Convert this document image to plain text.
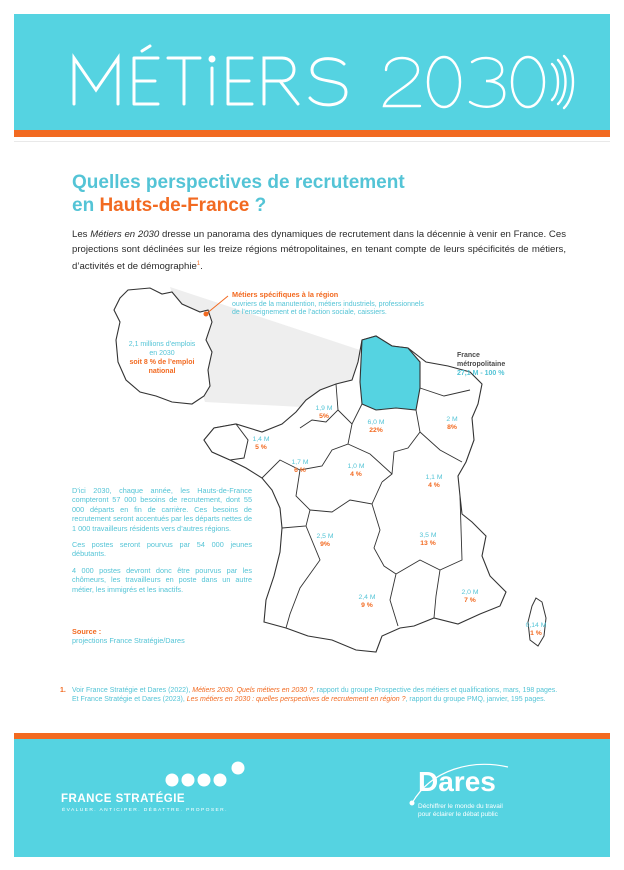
Janvier 2023
Quelles perspectives de recrutement
en Hauts-de-France ?
Les Métiers en 2030 dresse un panorama des dynamiques de recrutement dans la décennie à venir en France. Ces projections sont déclinées sur les treize régions métropolitaines, en tenant compte de leurs spécificités de métiers, d’activités et de démographie$^1$.
Métiers spécifiques à la région
ouvriers de la manutention, métiers industriels, professionnels
de l’enseignement et de l’action sociale, caissiers.
2,1 millions d’emplois
en 2030
soit 8 % de l’emploi
national
France
métropolitaine
27,1 M - 100 %
1,9 M
5%
6,0 M
22%
2 M
8%
1,4 M
5 %
1,7 M
6 %
1,0 M
4 %	1,1 M
4 %
2,5 M
9%
3,5 M
13 %
2,4 M
9 %
2,0 M
7 %
0,14 M
1 %

D’ici 2030, chaque année, les Hauts-de-France compteront 57 000 besoins de recrutement, dont 55 000 départs en fin de carrière. Ces besoins de recrutement seront accentués par les départs nettes de 1 000 travailleurs résidents vers d’autres régions.

Ces postes seront pourvus par 54 000 jeunes débutants.

4 000 postes devront donc être pourvus par les chômeurs, les travailleurs en poste dans un autre métier, les immigrés et les inactifs.

Source :
projections France Stratégie/Dares
1. Voir France Stratégie et Dares (2022), Métiers 2030. Quels métiers en 2030 ?, rapport du groupe Prospective des métiers et qualifications, mars, 198 pages. Et France Stratégie et Dares (2023), Les métiers en 2030 : quelles perspectives de recrutement en région ?, rapport du groupe PMQ, janvier, 195 pages.
FRANCE STRATÉGIE
ÉVALUER. ANTICIPER. DÉBATTRE. PROPOSER.
Dares
Déchiffrer le monde du travail
pour éclairer le débat public
